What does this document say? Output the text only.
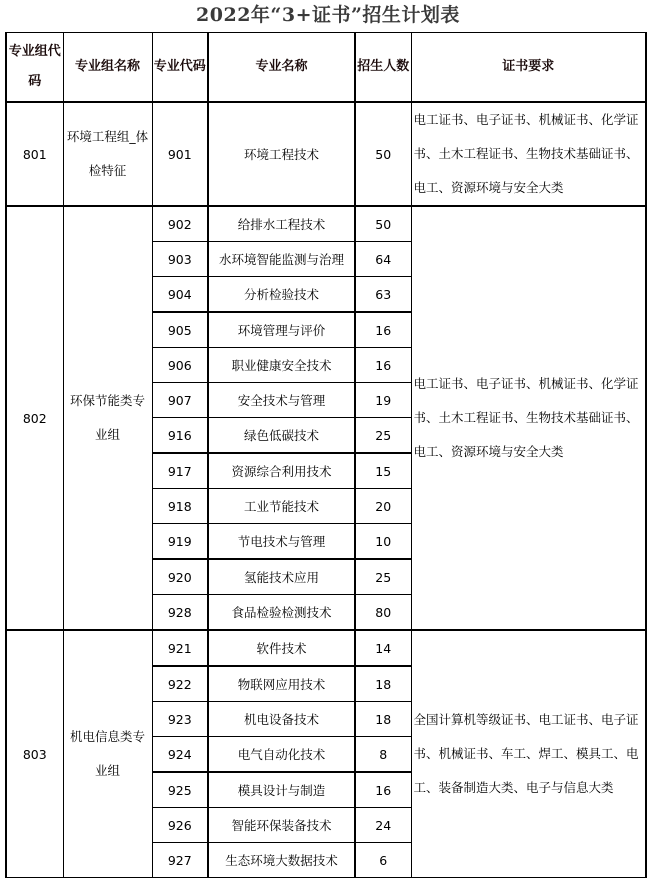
2022年“3+证书”招生计划表
专业组代码	专业组名称	专业代码	专业名称	招生人数	证书要求
801	环境工程组_体检特征	901	环境工程技术	50	电工证书、电子证书、机械证书、化学证书、土木工程证书、生物技术基础证书、电工、资源环境与安全大类
802	环保节能类专业组	902	给排水工程技术	50	电工证书、电子证书、机械证书、化学证书、土木工程证书、生物技术基础证书、电工、资源环境与安全大类
		903	水环境智能监测与治理	64	
		904	分析检验技术	63	
		905	环境管理与评价	16	
		906	职业健康安全技术	16	
		907	安全技术与管理	19	
		916	绿色低碳技术	25	
		917	资源综合利用技术	15	
		918	工业节能技术	20	
		919	节电技术与管理	10	
		920	氢能技术应用	25	
		928	食品检验检测技术	80	
803	机电信息类专业组	921	软件技术	14	全国计算机等级证书、电工证书、电子证书、机械证书、车工、焊工、模具工、电工、装备制造大类、电子与信息大类
		922	物联网应用技术	18	
		923	机电设备技术	18	
		924	电气自动化技术	8	
		925	模具设计与制造	16	
		926	智能环保装备技术	24	
		927	生态环境大数据技术	6	
